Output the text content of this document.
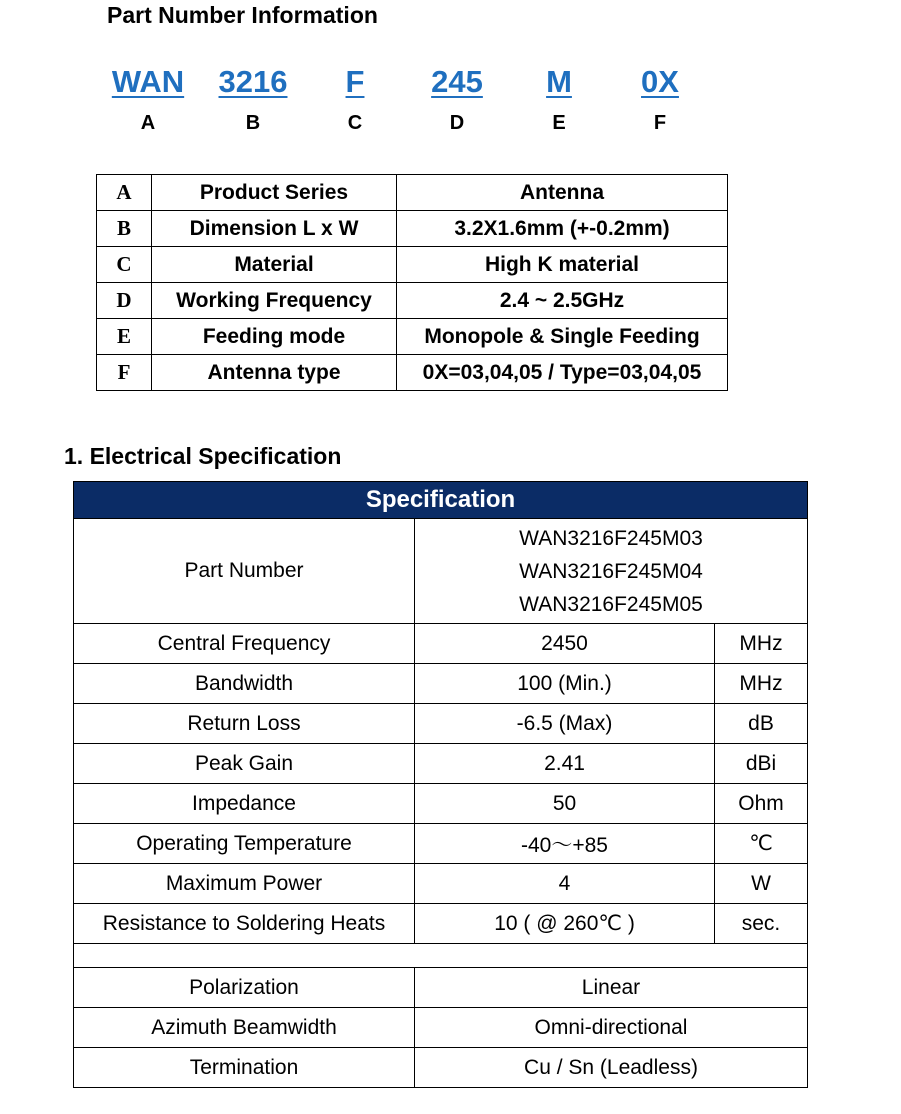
Part Number Information
WAN	3216	F	245	M	0X
A	B	C	D	E	F
A	Product Series	Antenna
B	Dimension L x W	3.2X1.6mm (+-0.2mm)
C	Material	High K material
D	Working Frequency	2.4 ~ 2.5GHz
E	Feeding mode	Monopole & Single Feeding
F	Antenna type	0X=03,04,05 / Type=03,04,05
1. Electrical Specification
Specification		
Part Number	WAN3216F245M03
WAN3216F245M04
WAN3216F245M05	

Central Frequency	2450	MHz
Bandwidth	100 (Min.)	MHz
Return Loss	-6.5 (Max)	dB
Peak Gain	2.41	dBi
Impedance	50	Ohm
Operating Temperature	-40～+85	℃
Maximum Power	4	W
Resistance to Soldering Heats	10 ( @ 260℃ )	sec.

Polarization	Linear	
Azimuth Beamwidth	Omni-directional	
Termination	Cu / Sn (Leadless)	
